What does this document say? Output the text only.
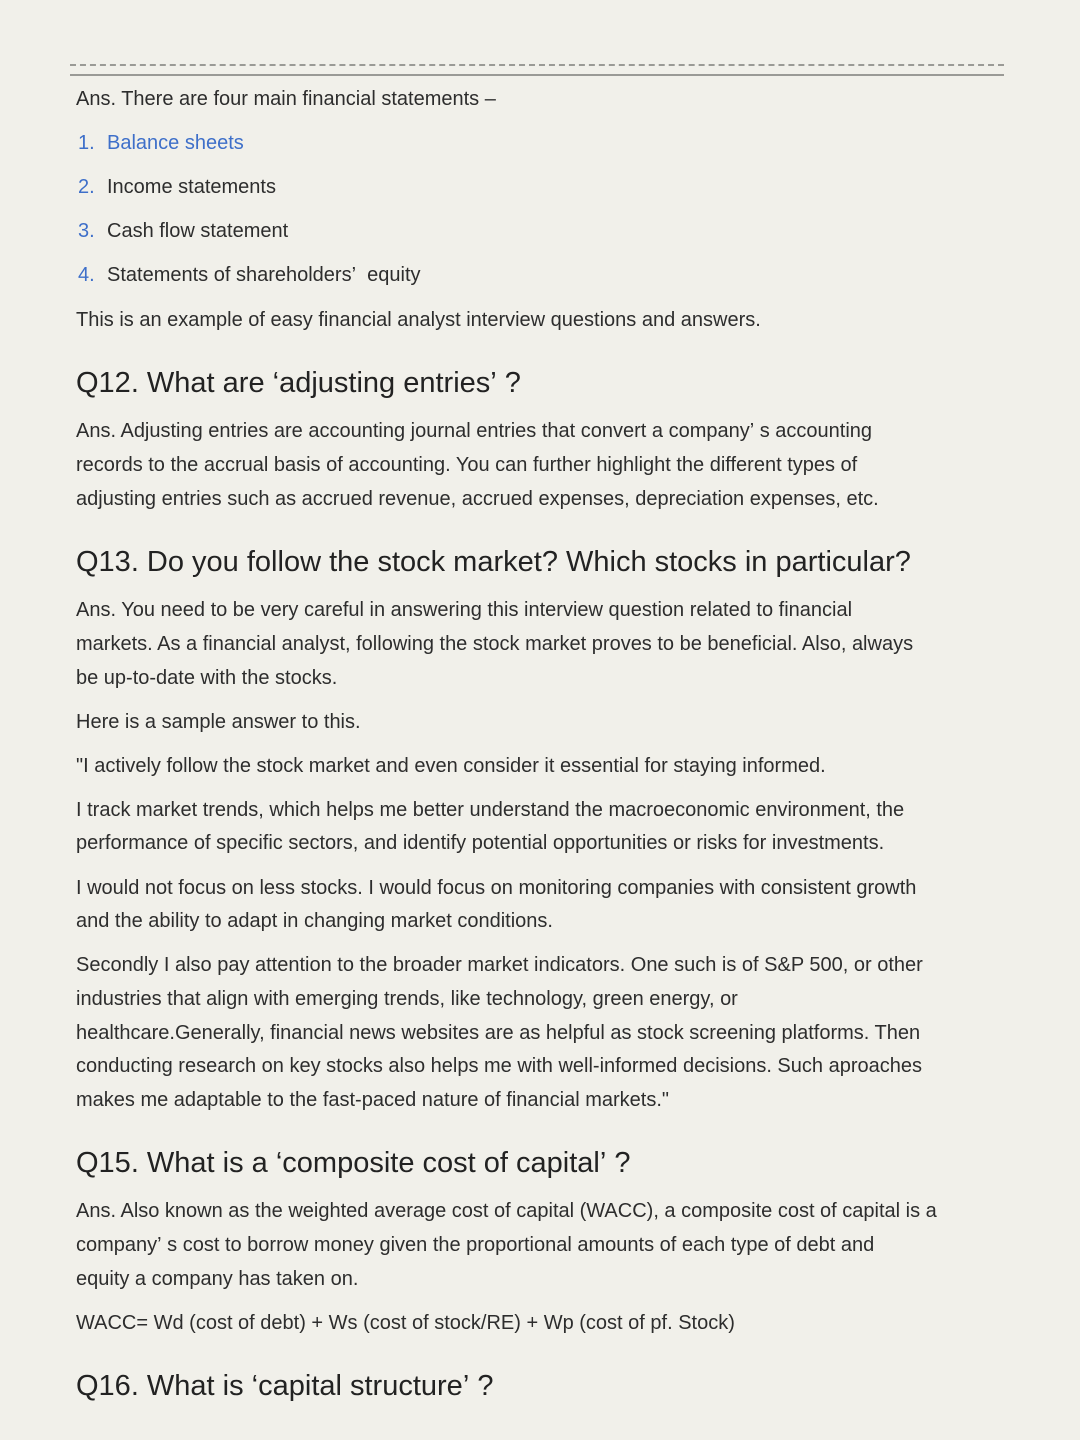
Ans. There are four main financial statements –

1. Balance sheets
2. Income statements
3. Cash flow statement
4. Statements of shareholders’  equity

This is an example of easy financial analyst interview questions and answers.

Q12. What are ‘adjusting entries’ ?

Ans. Adjusting entries are accounting journal entries that convert a company’ s accounting

records to the accrual basis of accounting. You can further highlight the different types of

adjusting entries such as accrued revenue, accrued expenses, depreciation expenses, etc.

Q13. Do you follow the stock market? Which stocks in particular?

Ans. You need to be very careful in answering this interview question related to financial

markets. As a financial analyst, following the stock market proves to be beneficial. Also, always

be up-to-date with the stocks.

Here is a sample answer to this.

"I actively follow the stock market and even consider it essential for staying informed.

I track market trends, which helps me better understand the macroeconomic environment, the

performance of specific sectors, and identify potential opportunities or risks for investments.

I would not focus on less stocks. I would focus on monitoring companies with consistent growth

and the ability to adapt in changing market conditions.

Secondly I also pay attention to the broader market indicators. One such is of S&P 500, or other

industries that align with emerging trends, like technology, green energy, or

healthcare.Generally, financial news websites are as helpful as stock screening platforms. Then

conducting research on key stocks also helps me with well-informed decisions. Such aproaches

makes me adaptable to the fast-paced nature of financial markets."

Q15. What is a ‘composite cost of capital’ ?

Ans. Also known as the weighted average cost of capital (WACC), a composite cost of capital is a

company’ s cost to borrow money given the proportional amounts of each type of debt and

equity a company has taken on.

WACC= Wd (cost of debt) + Ws (cost of stock/RE) + Wp (cost of pf. Stock)

Q16. What is ‘capital structure’ ?
